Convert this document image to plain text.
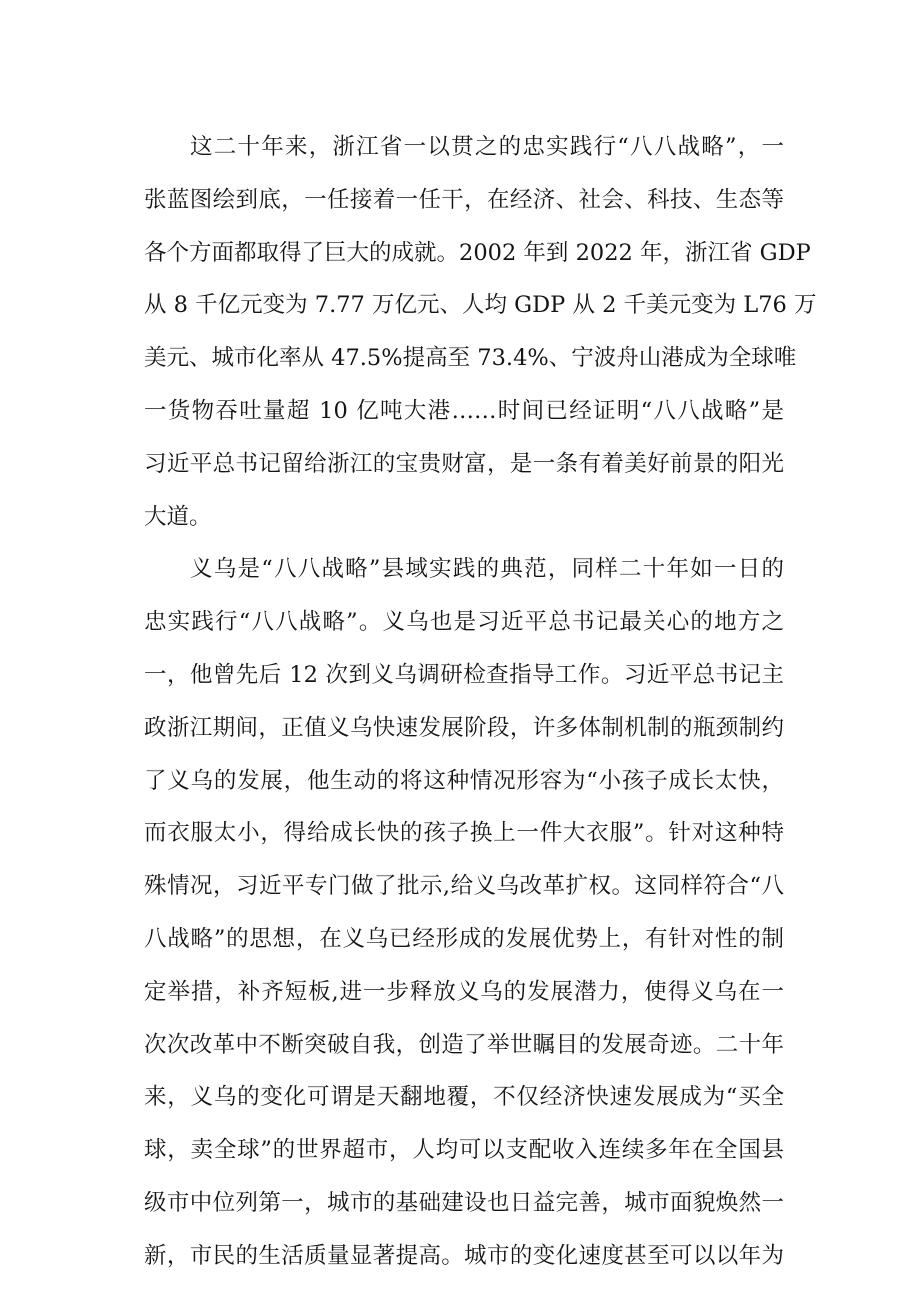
这二十年来，浙江省一以贯之的忠实践行“八八战略”，一
张蓝图绘到底，一任接着一任干，在经济、社会、科技、生态等
各个方面都取得了巨大的成就。2002 年到 2022 年，浙江省 GDP
从 8 千亿元变为 7.77 万亿元、人均 GDP 从 2 千美元变为 L76 万
美元、城市化率从 47.5%提高至 73.4%、宁波舟山港成为全球唯
一货物吞吐量超 10 亿吨大港……时间已经证明“八八战略”是
习近平总书记留给浙江的宝贵财富，是一条有着美好前景的阳光
大道。
义乌是“八八战略”县域实践的典范，同样二十年如一日的
忠实践行“八八战略”。义乌也是习近平总书记最关心的地方之
一，他曾先后 12 次到义乌调研检查指导工作。习近平总书记主
政浙江期间，正值义乌快速发展阶段，许多体制机制的瓶颈制约
了义乌的发展，他生动的将这种情况形容为“小孩子成长太快，
而衣服太小，得给成长快的孩子换上一件大衣服”。针对这种特
殊情况，习近平专门做了批示,给义乌改革扩权。这同样符合“八
八战略”的思想，在义乌已经形成的发展优势上，有针对性的制
定举措，补齐短板,进一步释放义乌的发展潜力，使得义乌在一
次次改革中不断突破自我，创造了举世瞩目的发展奇迹。二十年
来，义乌的变化可谓是天翻地覆，不仅经济快速发展成为“买全
球，卖全球”的世界超市，人均可以支配收入连续多年在全国县
级市中位列第一，城市的基础建设也日益完善，城市面貌焕然一
新，市民的生活质量显著提高。城市的变化速度甚至可以以年为
